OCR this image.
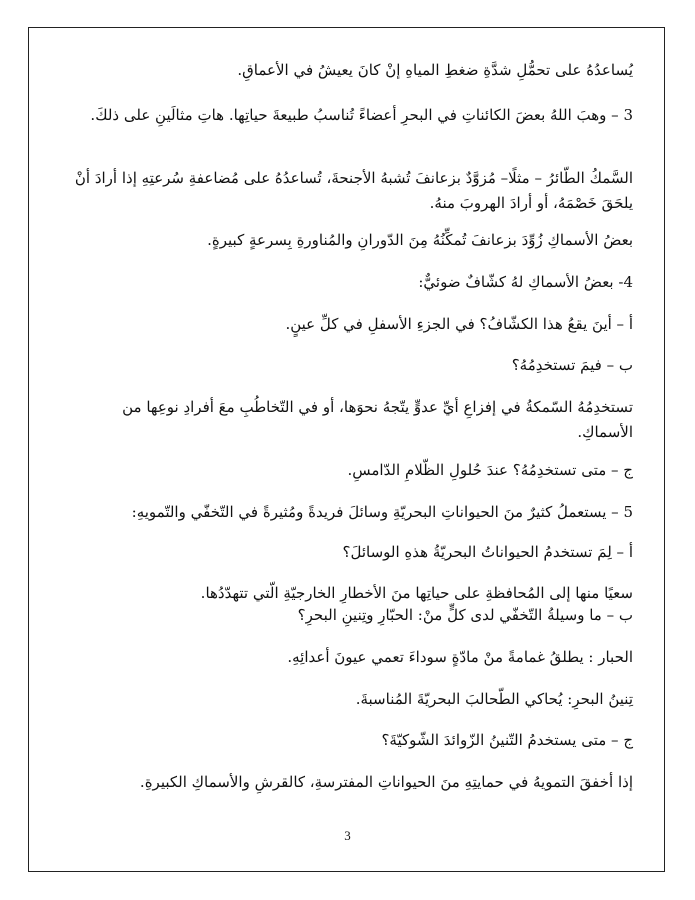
يُساعدُهُ على تحمُّلِ شدَّةِ ضغطِ المياهِ إنْ كانَ يعيشُ في الأعماقِ.

3 – وهبَ اللهُ بعضَ الكائناتِ في البحرِ أعضاءً تُناسبُ طبيعةَ حياتِها. هاتِ مثالَينِ على ذلكَ.

السَّمكُ الطّائرُ – مثلًا– مُزوَّدٌ بزعانفَ تُشبهُ الأجنحةَ، تُساعدُهُ على مُضاعفةِ سُرعتِهِ إذا أرادَ أنْ يلحَقَ خَصْمَهُ، أو أرادَ الهروبَ منهُ.

بعضُ الأسماكِ زُوِّدَ بزعانفَ تُمكِّنُهُ مِنَ الدّورانِ والمُناورةِ بِسرعةٍ كبيرةٍ.

4- بعضُ الأسماكِ لهُ كشّافٌ ضوئيٌّ:

أ – أينَ يقعُ هذا الكشّافُ؟ في الجزءِ الأسفلِ في كلِّ عينٍ.

ب – فيمَ تستخدِمُهُ؟

تستخدِمُهُ السّمكةُ في إفزاعِ أيِّ عدوٍّ يتّجهُ نحوَها، أو في التّخاطُبِ معَ أفرادِ نوعِها من الأسماكِ.

ج – متى تستخدِمُهُ؟ عندَ حُلولِ الظّلامِ الدّامسِ.

5 – يستعملُ كثيرٌ منَ الحيواناتِ البحريّةِ وسائلَ فريدةً ومُثيرةً في التّخفّي والتّمويهِ:

أ – لِمَ تستخدمُ الحيواناتُ البحريّةُ هذهِ الوسائلَ؟

سعيًا منها إلى المُحافظةِ على حياتِها منَ الأخطارِ الخارجيّةِ الّتي تتهدّدُها.

ب – ما وسيلةُ التّخفّي لدى كلٍّ منْ: الحبّارِ وتِنينِ البحرِ؟

الحبار : يطلقُ غمامةً منْ مادّةٍ سوداءَ تعمي عيونَ أعدائِهِ.

تِنينُ البحرِ: يُحاكي الطّحالبَ البحريّةَ المُناسبةَ.

ج – متى يستخدمُ التّنينُ الزّوائدَ الشّوكيّةَ؟

إذا أخفقَ التمويهُ في حمايتِهِ منَ الحيواناتِ المفترسةِ، كالقرشِ والأسماكِ الكبيرةِ.

3
